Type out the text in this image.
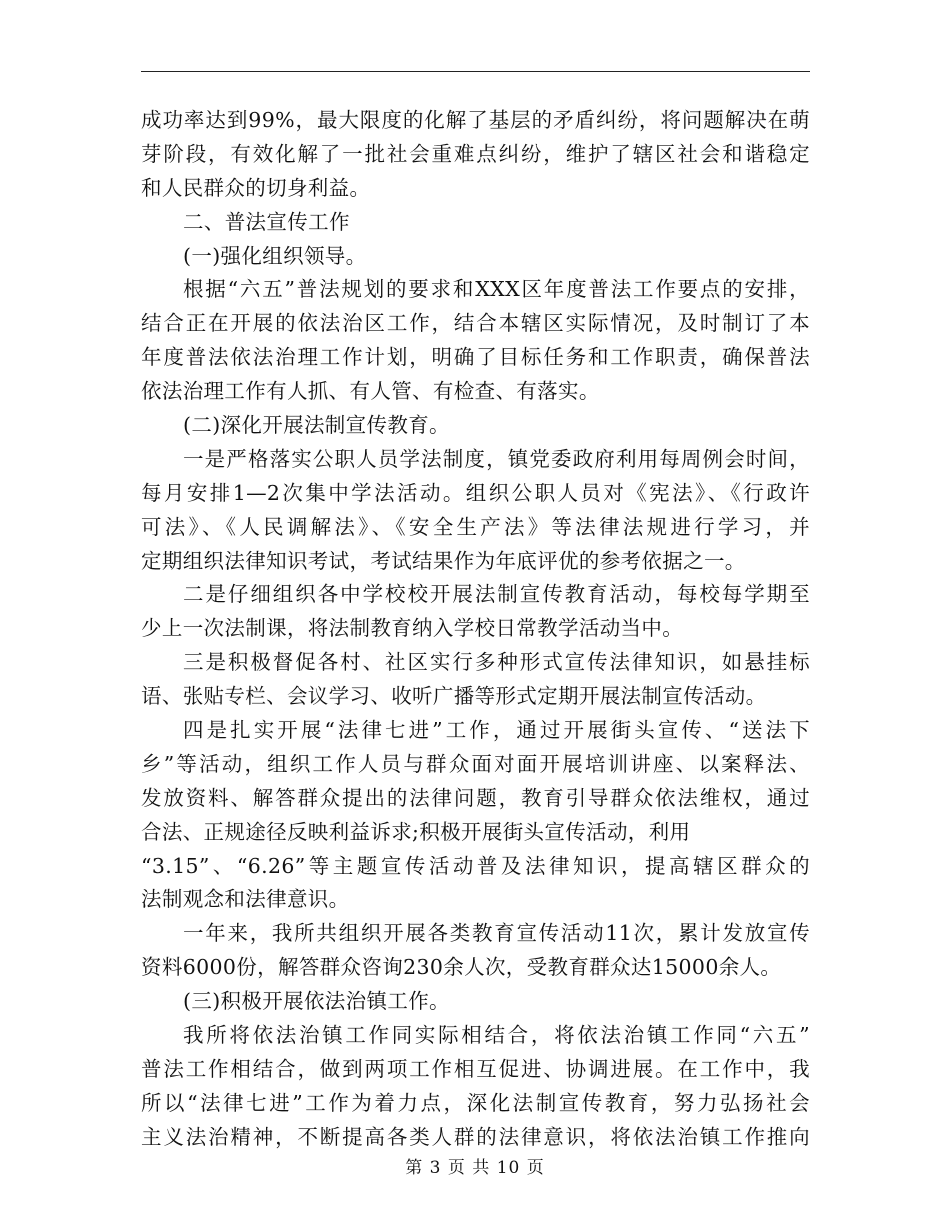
成功率达到99%，最大限度的化解了基层的矛盾纠纷，将问题解决在萌
芽阶段，有效化解了一批社会重难点纠纷，维护了辖区社会和谐稳定
和人民群众的切身利益。
二、普法宣传工作
(一)强化组织领导。
根据“六五”普法规划的要求和XXX区年度普法工作要点的安排，
结合正在开展的依法治区工作，结合本辖区实际情况，及时制订了本
年度普法依法治理工作计划，明确了目标任务和工作职责，确保普法
依法治理工作有人抓、有人管、有检查、有落实。
(二)深化开展法制宣传教育。
一是严格落实公职人员学法制度，镇党委政府利用每周例会时间，
每月安排1—2次集中学法活动。组织公职人员对《宪法》、《行政许
可法》、《人民调解法》、《安全生产法》等法律法规进行学习，并
定期组织法律知识考试，考试结果作为年底评优的参考依据之一。
二是仔细组织各中学校校开展法制宣传教育活动，每校每学期至
少上一次法制课，将法制教育纳入学校日常教学活动当中。
三是积极督促各村、社区实行多种形式宣传法律知识，如悬挂标
语、张贴专栏、会议学习、收听广播等形式定期开展法制宣传活动。
四是扎实开展“法律七进”工作，通过开展街头宣传、“送法下
乡”等活动，组织工作人员与群众面对面开展培训讲座、以案释法、
发放资料、解答群众提出的法律问题，教育引导群众依法维权，通过
合法、正规途径反映利益诉求;积极开展街头宣传活动，利用
“3.15”、“6.26”等主题宣传活动普及法律知识，提高辖区群众的
法制观念和法律意识。
一年来，我所共组织开展各类教育宣传活动11次，累计发放宣传
资料6000份，解答群众咨询230余人次，受教育群众达15000余人。
(三)积极开展依法治镇工作。
我所将依法治镇工作同实际相结合，将依法治镇工作同“六五”
普法工作相结合，做到两项工作相互促进、协调进展。在工作中，我
所以“法律七进”工作为着力点，深化法制宣传教育，努力弘扬社会
主义法治精神，不断提高各类人群的法律意识，将依法治镇工作推向
第 3 页 共 10 页
